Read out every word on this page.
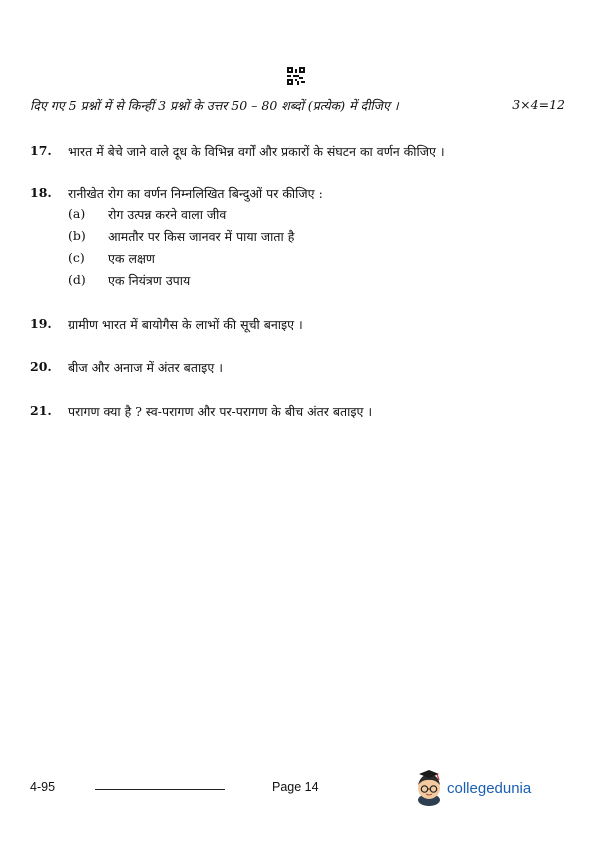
दिए गए 5 प्रश्नों में से किन्हीं 3 प्रश्नों के उत्तर 50 – 80 शब्दों (प्रत्येक) में दीजिए ।	3×4=12
17.	भारत में बेचे जाने वाले दूध के विभिन्न वर्गों और प्रकारों के संघटन का वर्णन कीजिए ।
18.	रानीखेत रोग का वर्णन निम्नलिखित बिन्दुओं पर कीजिए :
(a) रोग उत्पन्न करने वाला जीव
(b) आमतौर पर किस जानवर में पाया जाता है
(c) एक लक्षण
(d) एक नियंत्रण उपाय
19.	ग्रामीण भारत में बायोगैस के लाभों की सूची बनाइए ।
20.	बीज और अनाज में अंतर बताइए ।
21.	परागण क्या है ? स्व-परागण और पर-परागण के बीच अंतर बताइए ।
4-95	Page 14	collegedunia
